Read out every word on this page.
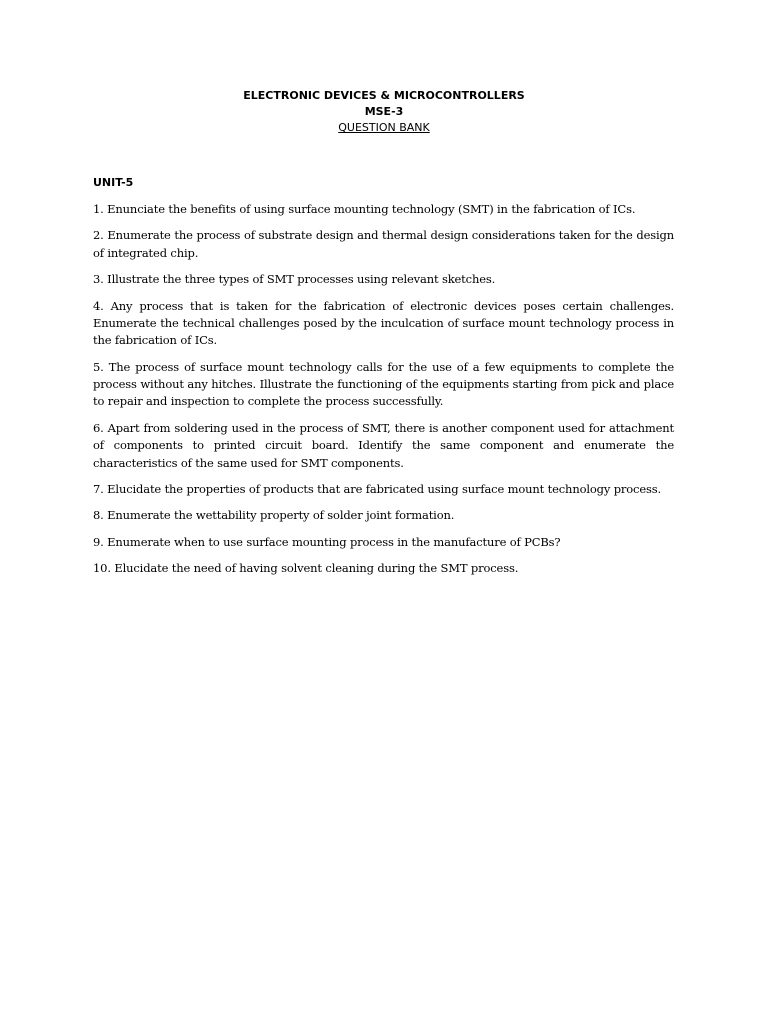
ELECTRONIC DEVICES & MICROCONTROLLERS
MSE-3
QUESTION BANK
UNIT-5

1. Enunciate the benefits of using surface mounting technology (SMT) in the fabrication of ICs.

2. Enumerate the process of substrate design and thermal design considerations taken for the design of integrated chip.

3. Illustrate the three types of SMT processes using relevant sketches.

4. Any process that is taken for the fabrication of electronic devices poses certain challenges. Enumerate the technical challenges posed by the inculcation of surface mount technology process in the fabrication of ICs.

5. The process of surface mount technology calls for the use of a few equipments to complete the process without any hitches. Illustrate the functioning of the equipments starting from pick and place to repair and inspection to complete the process successfully.

6. Apart from soldering used in the process of SMT, there is another component used for attachment of components to printed circuit board. Identify the same component and enumerate the characteristics of the same used for SMT components.

7. Elucidate the properties of products that are fabricated using surface mount technology process.

8. Enumerate the wettability property of solder joint formation.

9. Enumerate when to use surface mounting process in the manufacture of PCBs?

10. Elucidate the need of having solvent cleaning during the SMT process.
